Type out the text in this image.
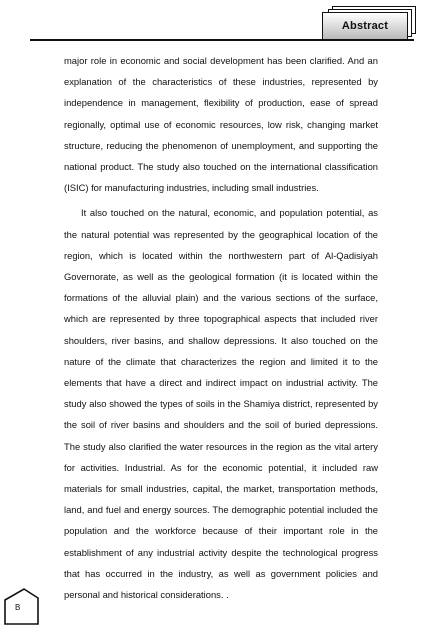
Abstract

major role in economic and social development has been clarified. And an explanation of the characteristics of these industries, represented by independence in management, flexibility of production, ease of spread regionally, optimal use of economic resources, low risk, changing market structure, reducing the phenomenon of unemployment, and supporting the national product. The study also touched on the international classification (ISIC) for manufacturing industries, including small industries.

It also touched on the natural, economic, and population potential, as the natural potential was represented by the geographical location of the region, which is located within the northwestern part of Al-Qadisiyah Governorate, as well as the geological formation (it is located within the formations of the alluvial plain) and the various sections of the surface, which are represented by three topographical aspects that included river shoulders, river basins, and shallow depressions. It also touched on the nature of the climate that characterizes the region and limited it to the elements that have a direct and indirect impact on industrial activity. The study also showed the types of soils in the Shamiya district, represented by the soil of river basins and shoulders and the soil of buried depressions. The study also clarified the water resources in the region as the vital artery for activities. Industrial. As for the economic potential, it included raw materials for small industries, capital, the market, transportation methods, land, and fuel and energy sources. The demographic potential included the population and the workforce because of their important role in the establishment of any industrial activity despite the technological progress that has occurred in the industry, as well as government policies and personal and historical considerations. .

B
